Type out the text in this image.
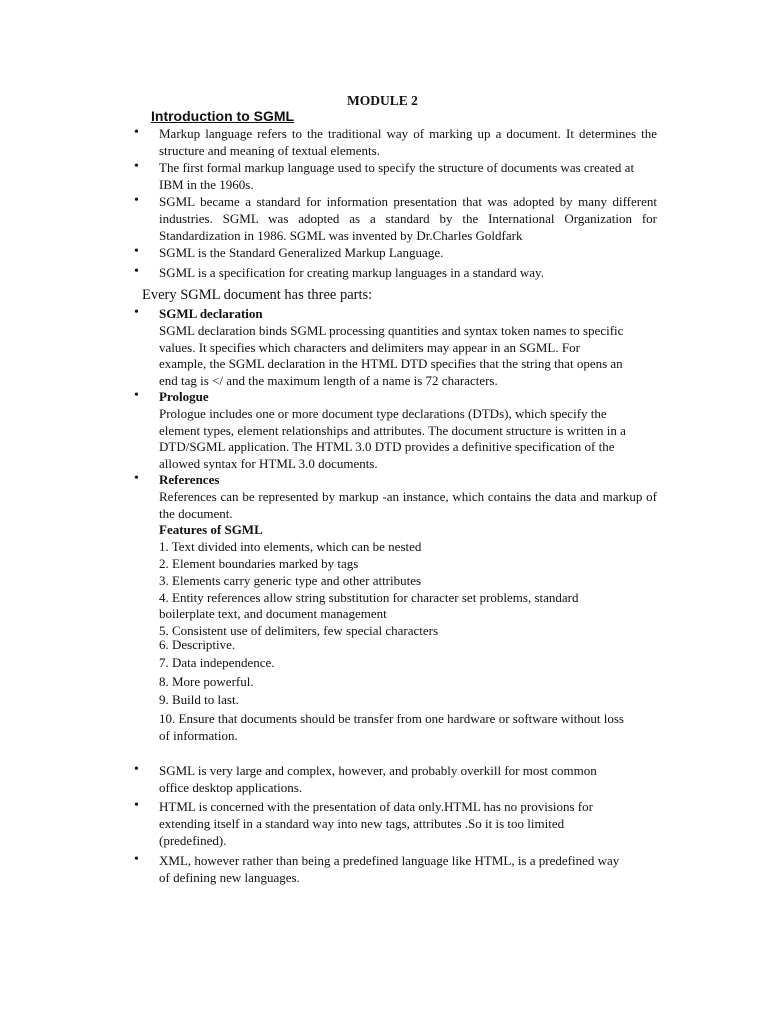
MODULE 2
Introduction to SGML
• Markup language refers to the traditional way of marking up a document. It determines the structure and meaning of textual elements.
• The first formal markup language used to specify the structure of documents was created at IBM in the 1960s.
• SGML became a standard for information presentation that was adopted by many different industries. SGML was adopted as a standard by the International Organization for Standardization in 1986. SGML was invented by Dr.Charles Goldfark
• SGML is the Standard Generalized Markup Language.
• SGML is a specification for creating markup languages in a standard way.
Every SGML document has three parts:
• SGML declaration
SGML declaration binds SGML processing quantities and syntax token names to specific
values. It specifies which characters and delimiters may appear in an SGML. For
example, the SGML declaration in the HTML DTD specifies that the string that opens an
end tag is </ and the maximum length of a name is 72 characters.
• Prologue
Prologue includes one or more document type declarations (DTDs), which specify the
element types, element relationships and attributes. The document structure is written in a
DTD/SGML application. The HTML 3.0 DTD provides a definitive specification of the
allowed syntax for HTML 3.0 documents.
• References
References can be represented by markup -an instance, which contains the data and markup of the document.
Features of SGML
1. Text divided into elements, which can be nested
2. Element boundaries marked by tags
3. Elements carry generic type and other attributes
4. Entity references allow string substitution for character set problems, standard
boilerplate text, and document management
5. Consistent use of delimiters, few special characters
6. Descriptive.
7. Data independence.
8. More powerful.
9. Build to last.
10. Ensure that documents should be transfer from one hardware or software without loss
of information.
• SGML is very large and complex, however, and probably overkill for most common
office desktop applications.
• HTML is concerned with the presentation of data only.HTML has no provisions for
extending itself in a standard way into new tags, attributes .So it is too limited
(predefined).
• XML, however rather than being a predefined language like HTML, is a predefined way
of defining new languages.
